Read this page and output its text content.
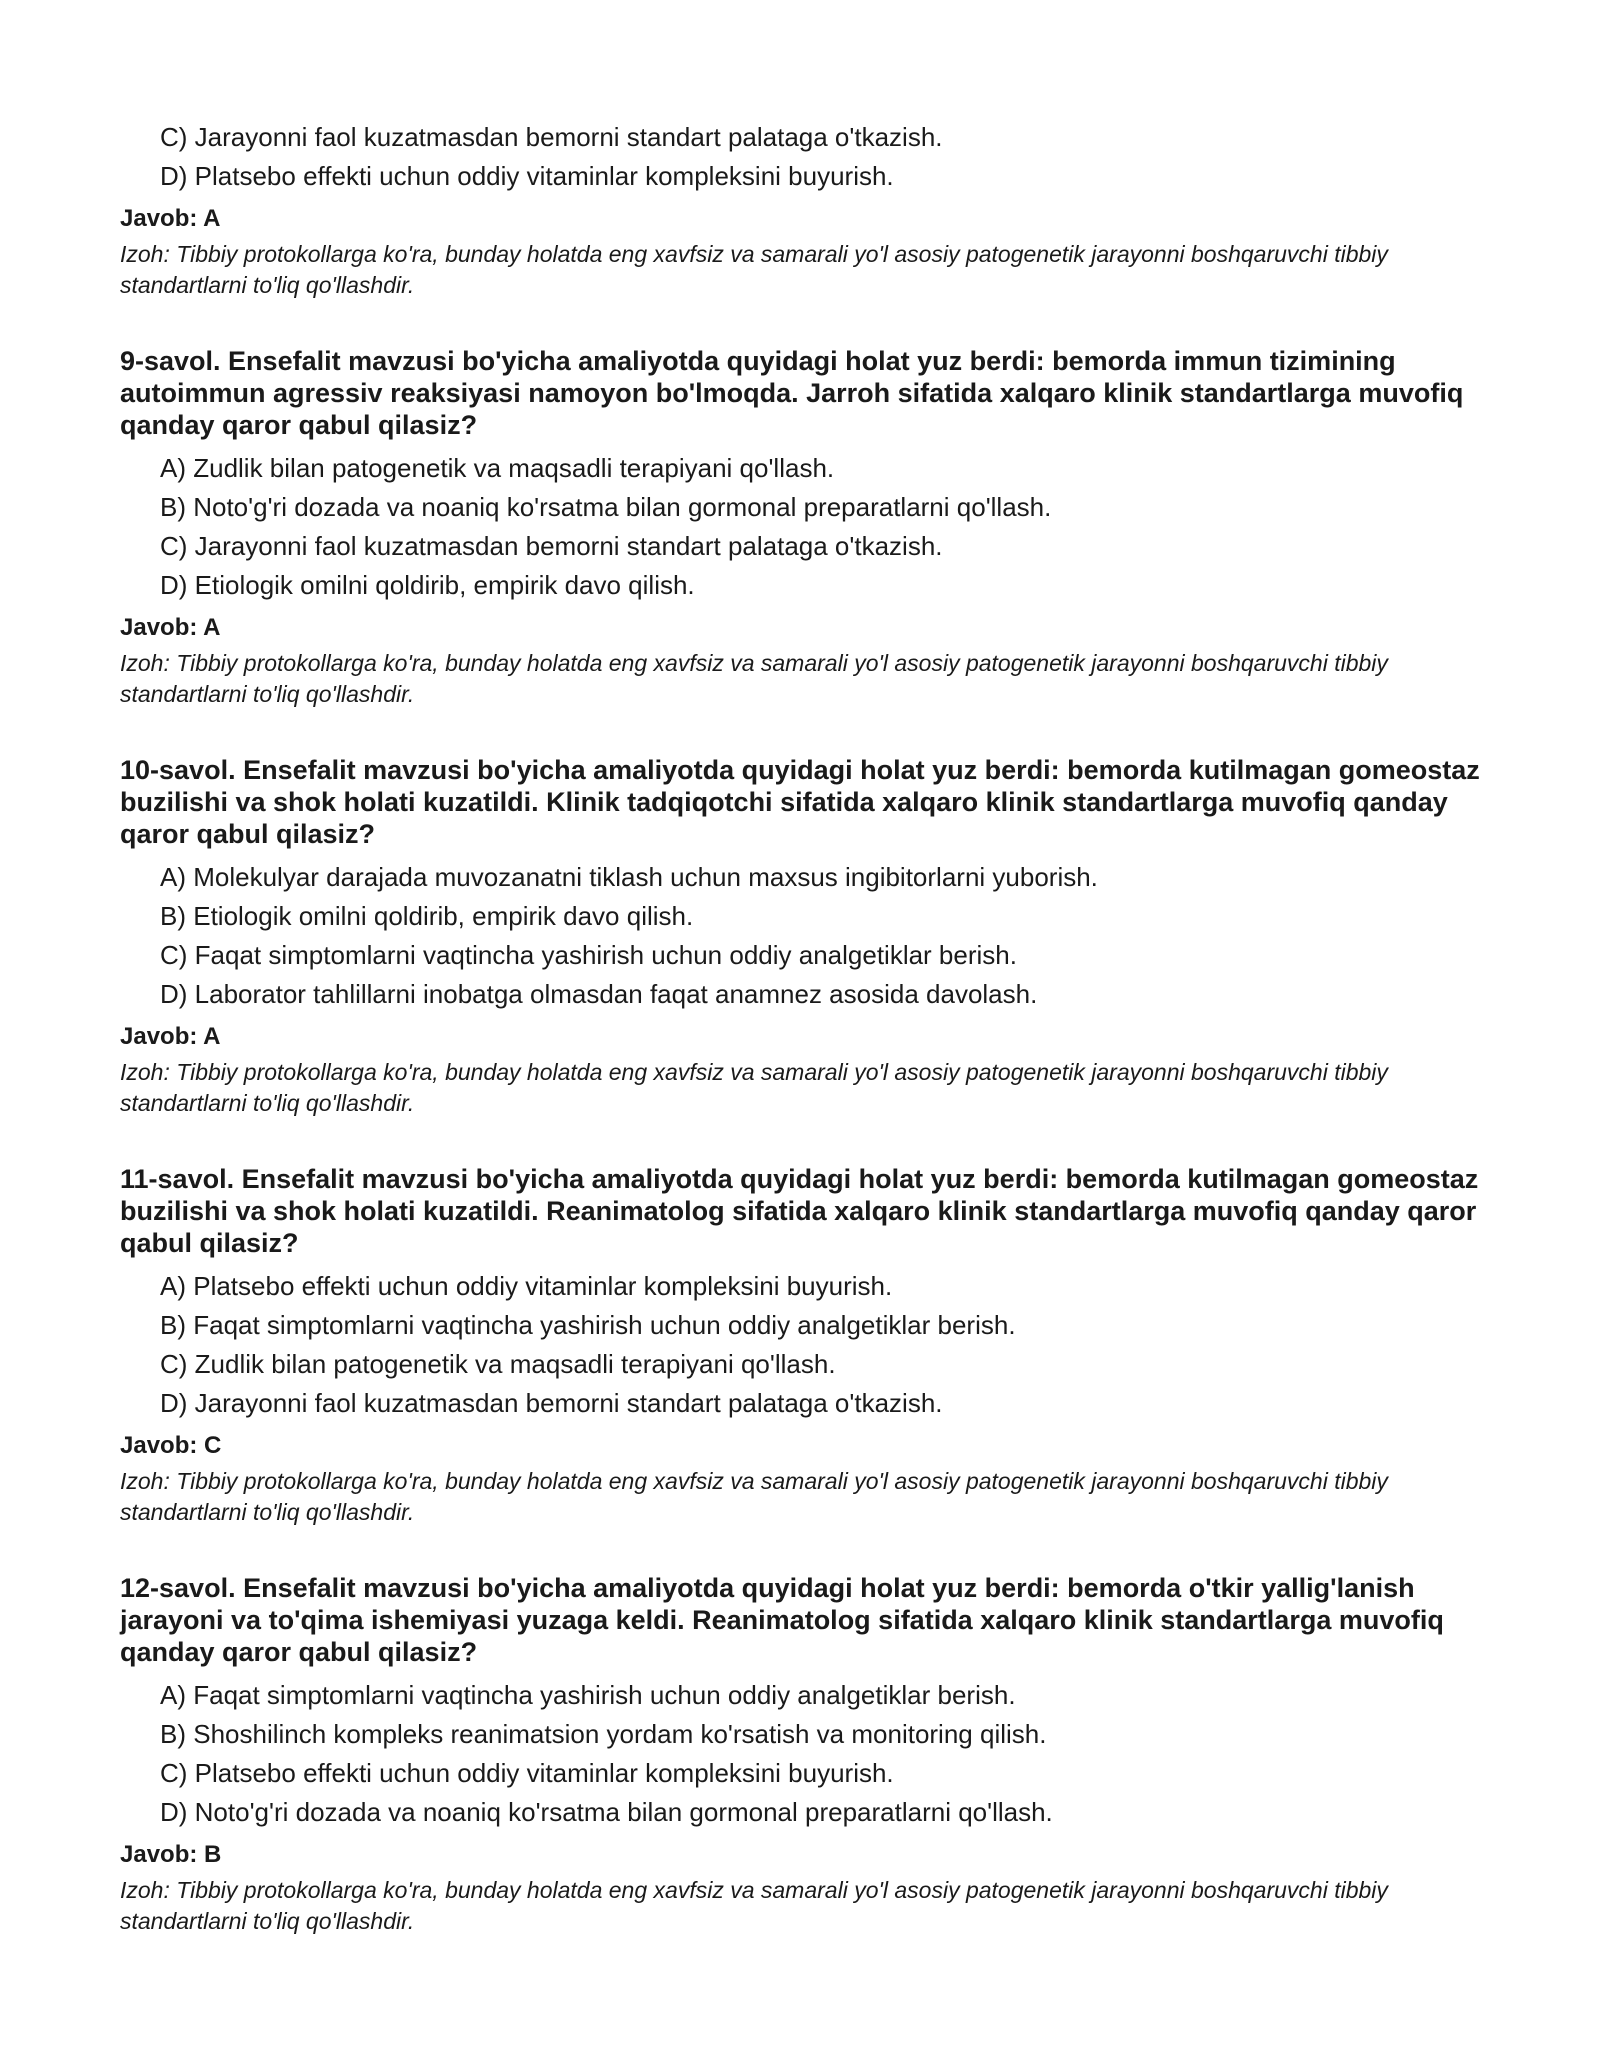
C) Jarayonni faol kuzatmasdan bemorni standart palataga o'tkazish.
D) Platsebo effekti uchun oddiy vitaminlar kompleksini buyurish.
Javob: A
Izoh: Tibbiy protokollarga ko'ra, bunday holatda eng xavfsiz va samarali yo'l asosiy patogenetik jarayonni boshqaruvchi tibbiy standartlarni to'liq qo'llashdir.
9-savol. Ensefalit mavzusi bo'yicha amaliyotda quyidagi holat yuz berdi: bemorda immun tizimining autoimmun agressiv reaksiyasi namoyon bo'lmoqda. Jarroh sifatida xalqaro klinik standartlarga muvofiq qanday qaror qabul qilasiz?
A) Zudlik bilan patogenetik va maqsadli terapiyani qo'llash.
B) Noto'g'ri dozada va noaniq ko'rsatma bilan gormonal preparatlarni qo'llash.
C) Jarayonni faol kuzatmasdan bemorni standart palataga o'tkazish.
D) Etiologik omilni qoldirib, empirik davo qilish.
Javob: A
Izoh: Tibbiy protokollarga ko'ra, bunday holatda eng xavfsiz va samarali yo'l asosiy patogenetik jarayonni boshqaruvchi tibbiy standartlarni to'liq qo'llashdir.
10-savol. Ensefalit mavzusi bo'yicha amaliyotda quyidagi holat yuz berdi: bemorda kutilmagan gomeostaz buzilishi va shok holati kuzatildi. Klinik tadqiqotchi sifatida xalqaro klinik standartlarga muvofiq qanday qaror qabul qilasiz?
A) Molekulyar darajada muvozanatni tiklash uchun maxsus ingibitorlarni yuborish.
B) Etiologik omilni qoldirib, empirik davo qilish.
C) Faqat simptomlarni vaqtincha yashirish uchun oddiy analgetiklar berish.
D) Laborator tahlillarni inobatga olmasdan faqat anamnez asosida davolash.
Javob: A
Izoh: Tibbiy protokollarga ko'ra, bunday holatda eng xavfsiz va samarali yo'l asosiy patogenetik jarayonni boshqaruvchi tibbiy standartlarni to'liq qo'llashdir.
11-savol. Ensefalit mavzusi bo'yicha amaliyotda quyidagi holat yuz berdi: bemorda kutilmagan gomeostaz buzilishi va shok holati kuzatildi. Reanimatolog sifatida xalqaro klinik standartlarga muvofiq qanday qaror qabul qilasiz?
A) Platsebo effekti uchun oddiy vitaminlar kompleksini buyurish.
B) Faqat simptomlarni vaqtincha yashirish uchun oddiy analgetiklar berish.
C) Zudlik bilan patogenetik va maqsadli terapiyani qo'llash.
D) Jarayonni faol kuzatmasdan bemorni standart palataga o'tkazish.
Javob: C
Izoh: Tibbiy protokollarga ko'ra, bunday holatda eng xavfsiz va samarali yo'l asosiy patogenetik jarayonni boshqaruvchi tibbiy standartlarni to'liq qo'llashdir.
12-savol. Ensefalit mavzusi bo'yicha amaliyotda quyidagi holat yuz berdi: bemorda o'tkir yallig'lanish jarayoni va to'qima ishemiyasi yuzaga keldi. Reanimatolog sifatida xalqaro klinik standartlarga muvofiq qanday qaror qabul qilasiz?
A) Faqat simptomlarni vaqtincha yashirish uchun oddiy analgetiklar berish.
B) Shoshilinch kompleks reanimatsion yordam ko'rsatish va monitoring qilish.
C) Platsebo effekti uchun oddiy vitaminlar kompleksini buyurish.
D) Noto'g'ri dozada va noaniq ko'rsatma bilan gormonal preparatlarni qo'llash.
Javob: B
Izoh: Tibbiy protokollarga ko'ra, bunday holatda eng xavfsiz va samarali yo'l asosiy patogenetik jarayonni boshqaruvchi tibbiy standartlarni to'liq qo'llashdir.
